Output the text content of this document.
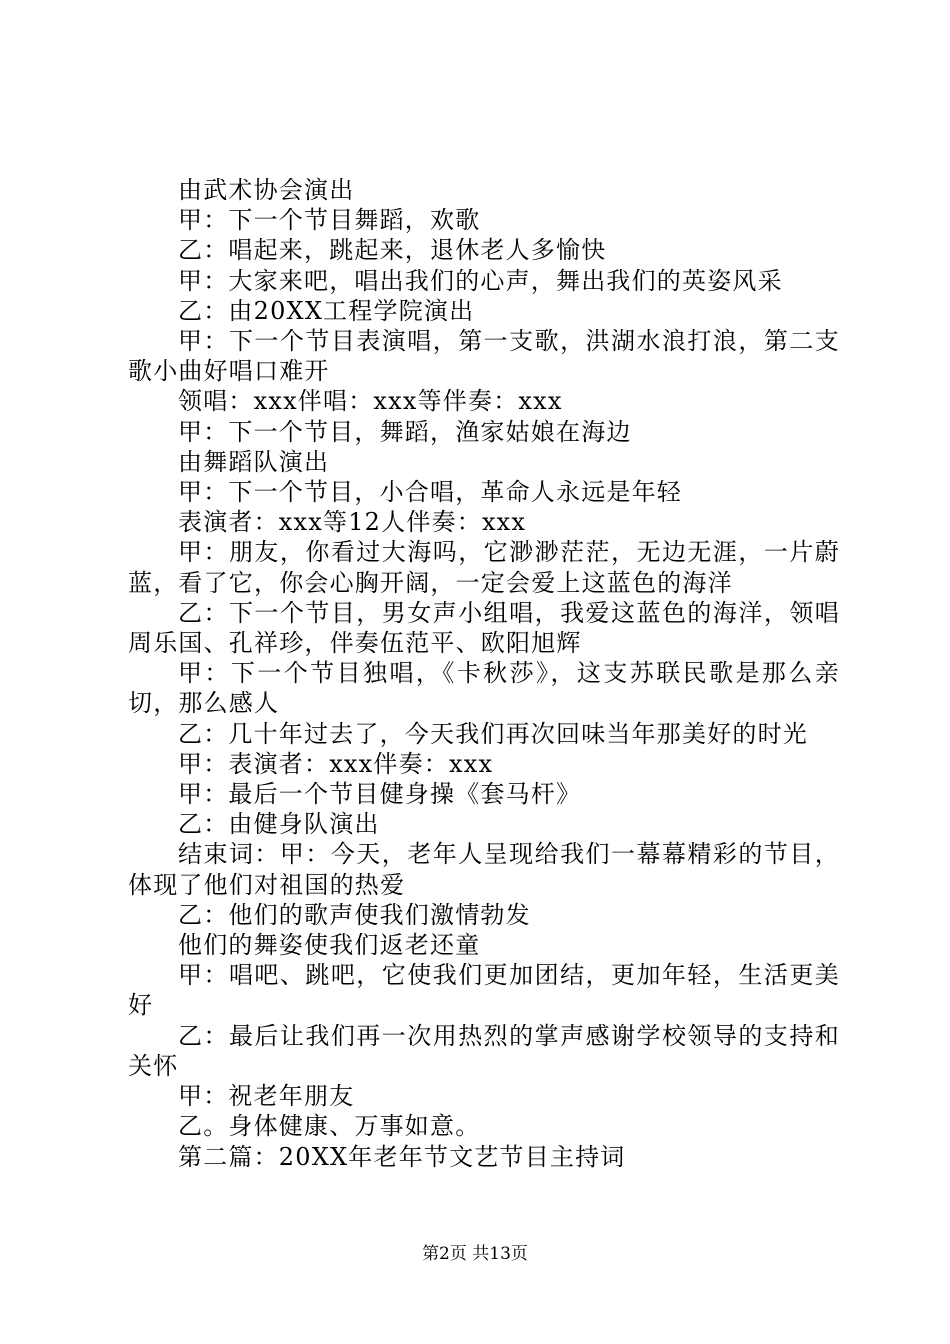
由武术协会演出

甲：下一个节目舞蹈，欢歌

乙：唱起来，跳起来，退休老人多愉快

甲：大家来吧，唱出我们的心声，舞出我们的英姿风采

乙：由20XX工程学院演出

甲：下一个节目表演唱，第一支歌，洪湖水浪打浪，第二支歌小曲好唱口难开

领唱：xxx伴唱：xxx等伴奏：xxx

甲：下一个节目，舞蹈，渔家姑娘在海边

由舞蹈队演出

甲：下一个节目，小合唱，革命人永远是年轻

表演者：xxx等12人伴奏：xxx

甲：朋友，你看过大海吗，它渺渺茫茫，无边无涯，一片蔚蓝，看了它，你会心胸开阔，一定会爱上这蓝色的海洋

乙：下一个节目，男女声小组唱，我爱这蓝色的海洋，领唱周乐国、孔祥珍，伴奏伍范平、欧阳旭辉

甲：下一个节目独唱，《卡秋莎》，这支苏联民歌是那么亲切，那么感人

乙：几十年过去了，今天我们再次回味当年那美好的时光

甲：表演者：xxx伴奏：xxx

甲：最后一个节目健身操《套马杆》

乙：由健身队演出

结束词：甲：今天，老年人呈现给我们一幕幕精彩的节目，体现了他们对祖国的热爱

乙：他们的歌声使我们激情勃发

他们的舞姿使我们返老还童

甲：唱吧、跳吧，它使我们更加团结，更加年轻，生活更美好

乙：最后让我们再一次用热烈的掌声感谢学校领导的支持和关怀

甲：祝老年朋友

乙。身体健康、万事如意。

第二篇：20XX年老年节文艺节目主持词

第2页 共13页
